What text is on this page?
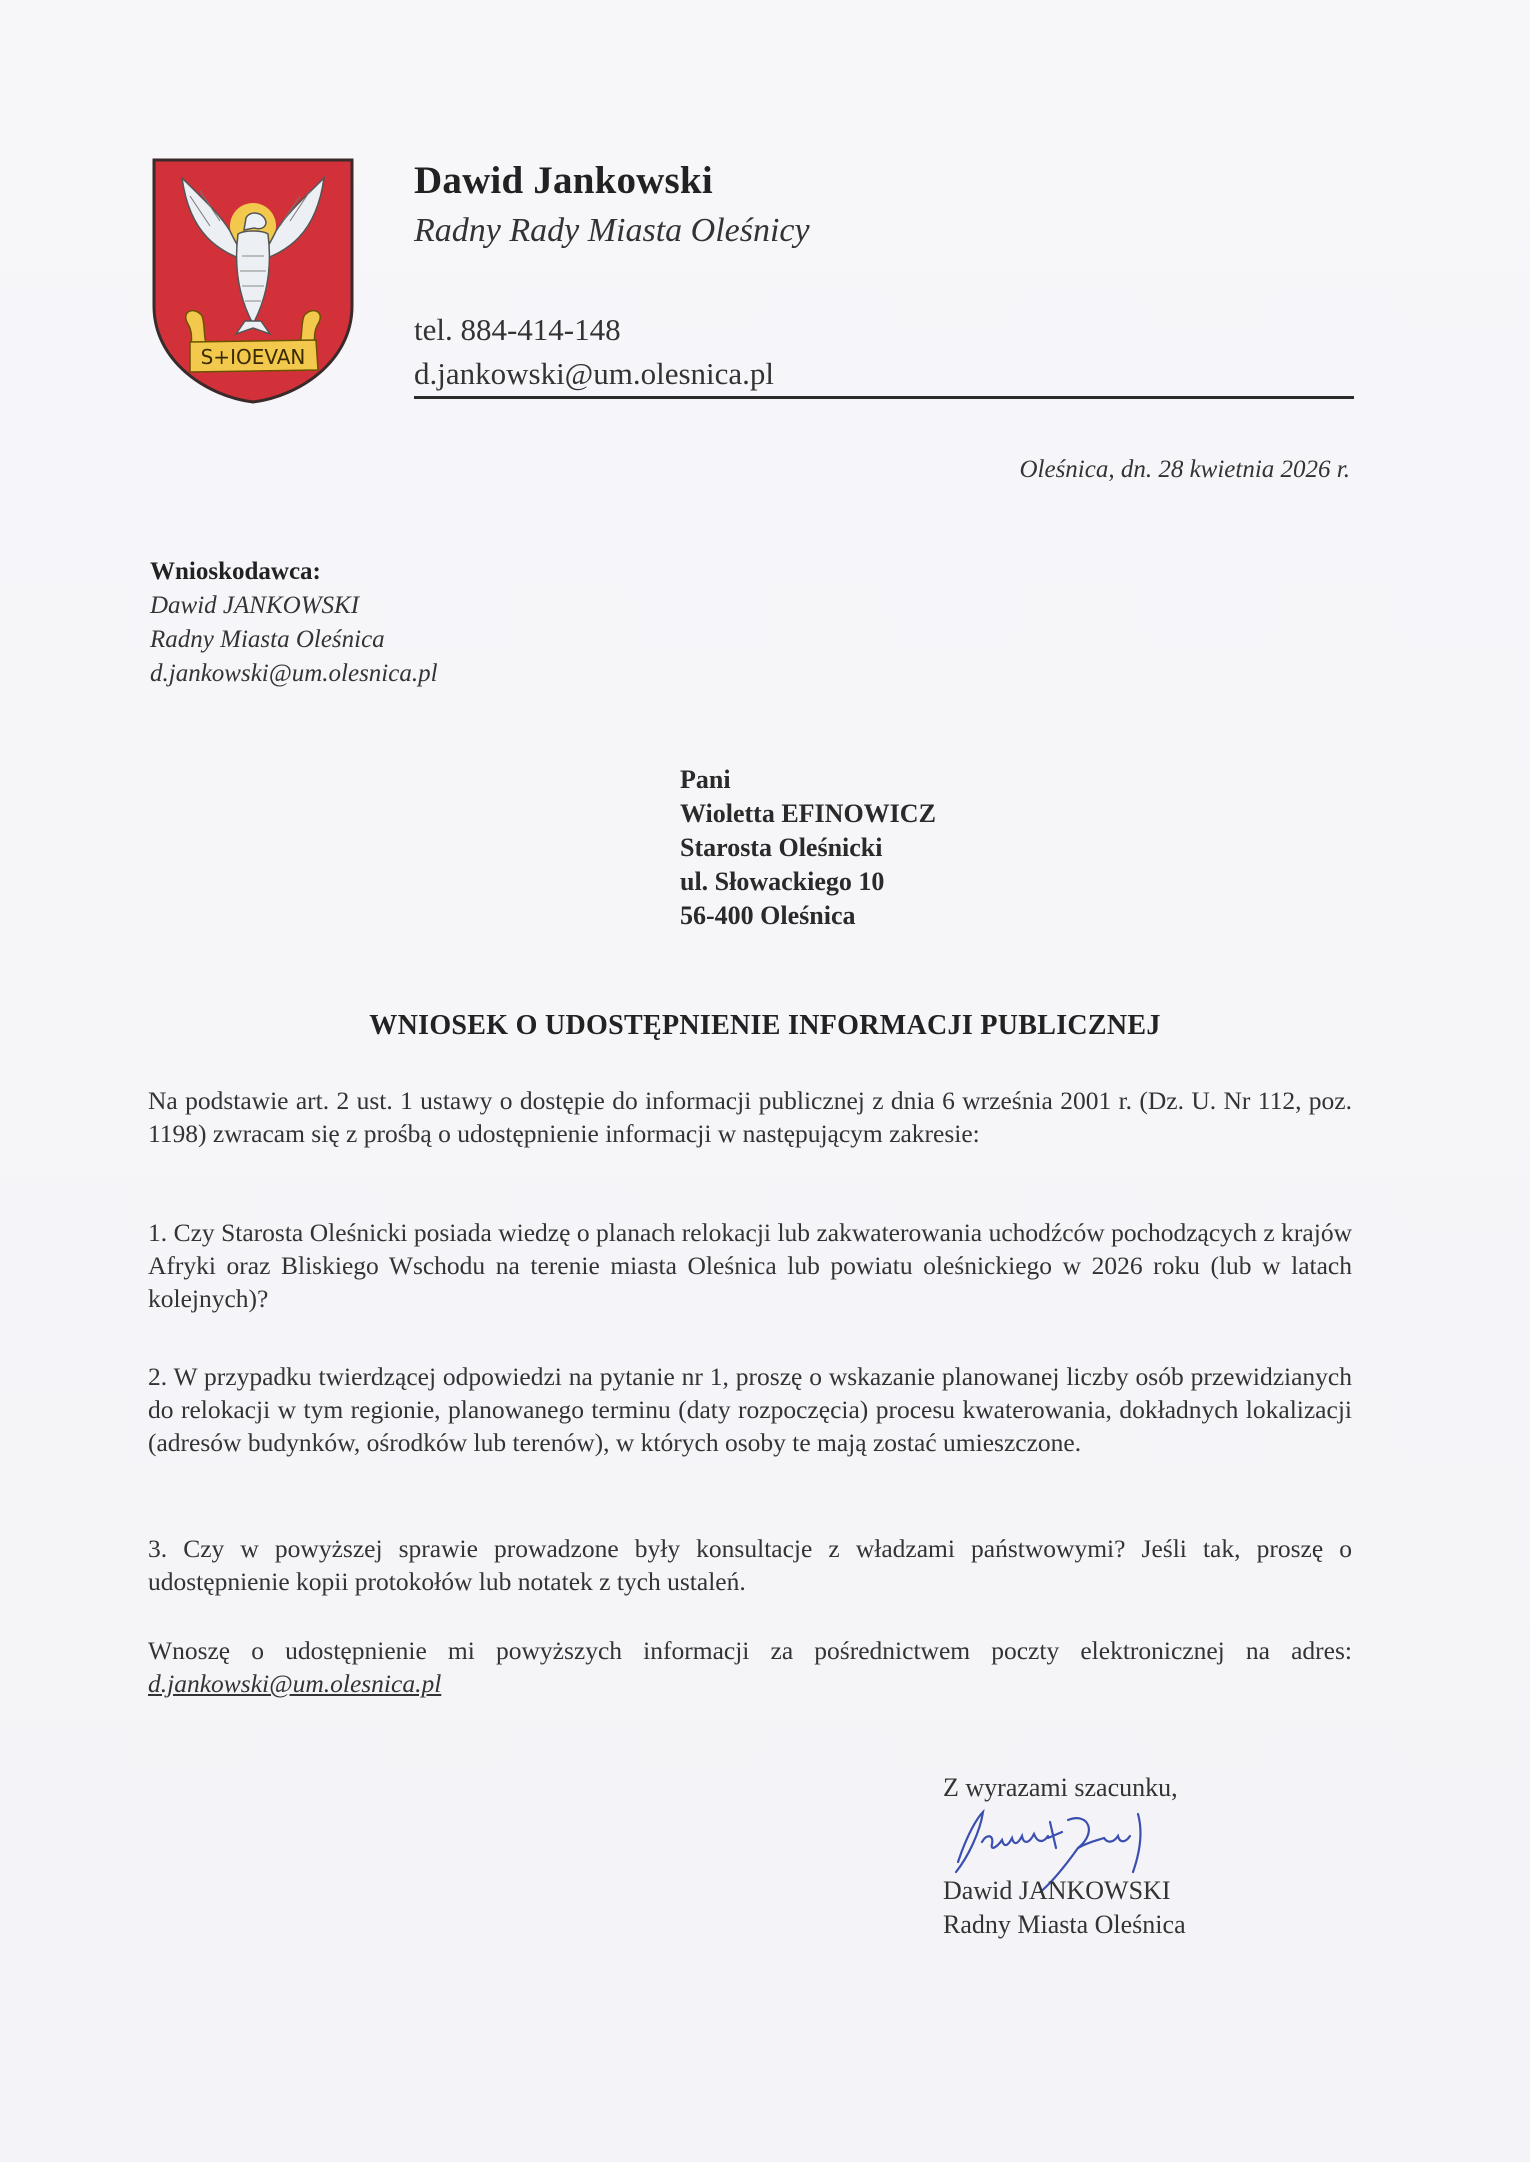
S+IOEVAN
Dawid Jankowski
Radny Rady Miasta Oleśnicy
tel. 884-414-148
d.jankowski@um.olesnica.pl
Oleśnica, dn. 28 kwietnia 2026 r.
Wnioskodawca:
Dawid JANKOWSKI
Radny Miasta Oleśnica
d.jankowski@um.olesnica.pl
Pani
Wioletta EFINOWICZ
Starosta Oleśnicki
ul. Słowackiego 10
56-400 Oleśnica
WNIOSEK O UDOSTĘPNIENIE INFORMACJI PUBLICZNEJ
Na podstawie art. 2 ust. 1 ustawy o dostępie do informacji publicznej z dnia 6 września 2001 r. (Dz. U. Nr 112, poz. 1198) zwracam się z prośbą o udostępnienie informacji w następującym zakresie:
1. Czy Starosta Oleśnicki posiada wiedzę o planach relokacji lub zakwaterowania uchodźców pochodzących z krajów Afryki oraz Bliskiego Wschodu na terenie miasta Oleśnica lub powiatu oleśnickiego w 2026 roku (lub w latach kolejnych)?
2. W przypadku twierdzącej odpowiedzi na pytanie nr 1, proszę o wskazanie planowanej liczby osób przewidzianych do relokacji w tym regionie, planowanego terminu (daty rozpoczęcia) procesu kwaterowania, dokładnych lokalizacji (adresów budynków, ośrodków lub terenów), w których osoby te mają zostać umieszczone.
3. Czy w powyższej sprawie prowadzone były konsultacje z władzami państwowymi? Jeśli tak, proszę o udostępnienie kopii protokołów lub notatek z tych ustaleń.
Wnoszę o udostępnienie mi powyższych informacji za pośrednictwem poczty elektronicznej na adres: d.jankowski@um.olesnica.pl
Z wyrazami szacunku,
Dawid JANKOWSKI
Radny Miasta Oleśnica
